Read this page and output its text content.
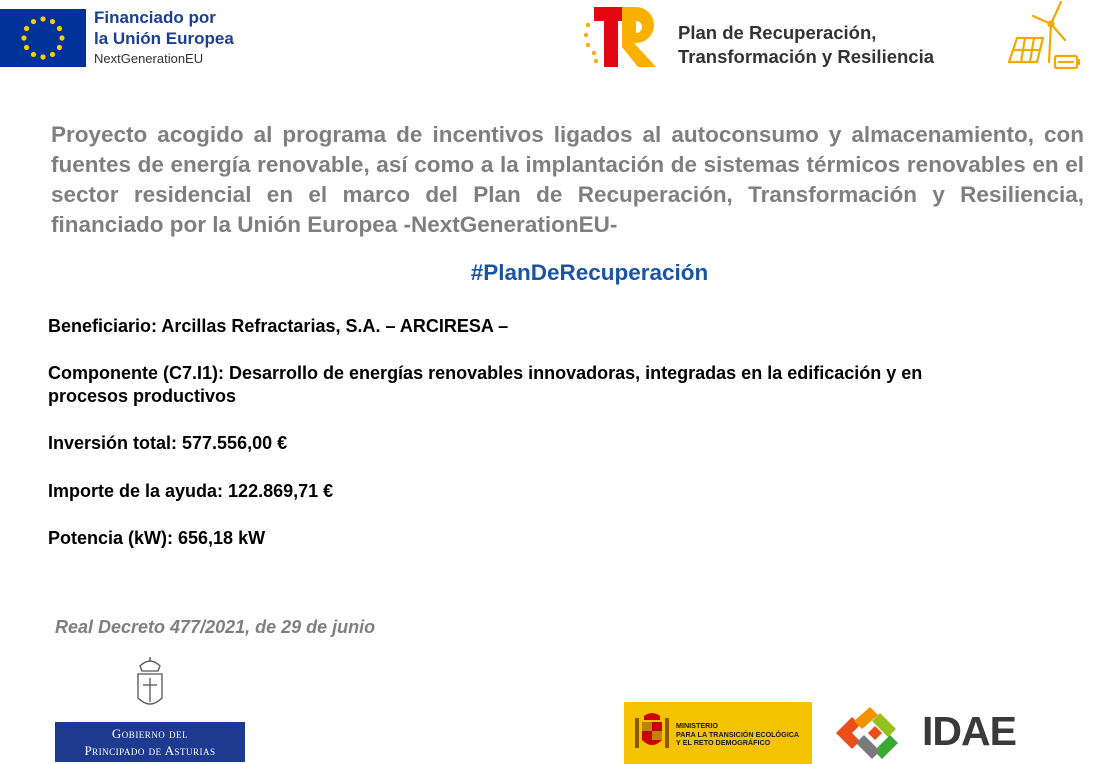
Financiado por
la Unión Europea
NextGenerationEU
Plan de Recuperación,
Transformación y Resiliencia

Proyecto acogido al programa de incentivos ligados al autoconsumo y almacenamiento, con fuentes de energía renovable, así como a la implantación de sistemas térmicos renovables en el sector residencial en el marco del Plan de Recuperación, Transformación y Resiliencia, financiado por la Unión Europea -NextGenerationEU-

#PlanDeRecuperación

Beneficiario: Arcillas Refractarias, S.A. – ARCIRESA –

Componente (C7.I1): Desarrollo de energías renovables innovadoras, integradas en la edificación y en

procesos productivos

Inversión total: 577.556,00 €

Importe de la ayuda: 122.869,71 €

Potencia (kW): 656,18 kW

Real Decreto 477/2021, de 29 de junio
Gobierno del
Principado de Asturias
MINISTERIO
PARA LA TRANSICIÓN ECOLÓGICA
Y EL RETO DEMOGRÁFICO	IDAE
